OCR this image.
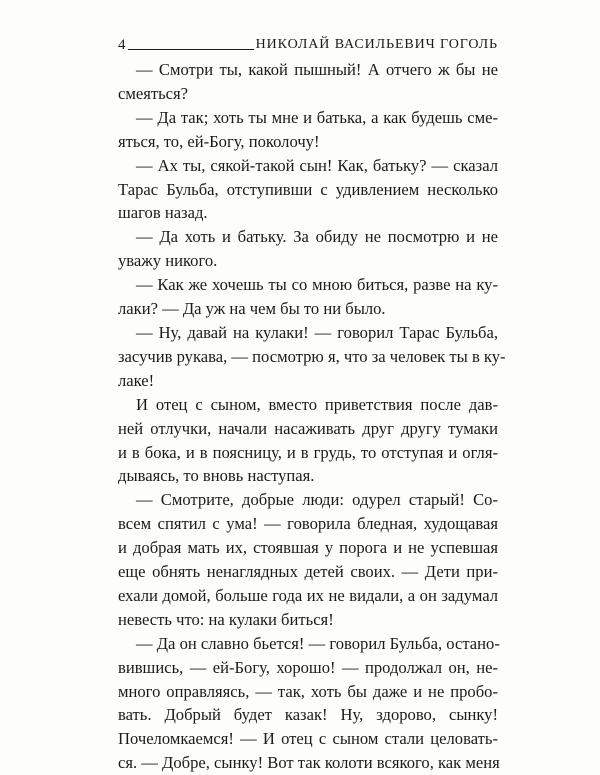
4	НИКОЛАЙ ВАСИЛЬЕВИЧ ГОГОЛЬ
— Смотри ты, какой пышный! А отчего ж бы не
смеяться?
— Да так; хоть ты мне и батька, а как будешь сме-
яться, то, ей-Богу, поколочу!
— Ах ты, сякой-такой сын! Как, батьку? — сказал
Тарас Бульба, отступивши с удивлением несколько
шагов назад.
— Да хоть и батьку. За обиду не посмотрю и не
уважу никого.
— Как же хочешь ты со мною биться, разве на ку-
лаки? — Да уж на чем бы то ни было.
— Ну, давай на кулаки! — говорил Тарас Бульба,
засучив рукава, — посмотрю я, что за человек ты в ку-
лаке!
И отец с сыном, вместо приветствия после дав-
ней отлучки, начали насаживать друг другу тумаки
и в бока, и в поясницу, и в грудь, то отступая и огля-
дываясь, то вновь наступая.
— Смотрите, добрые люди: одурел старый! Со-
всем спятил с ума! — говорила бледная, худощавая
и добрая мать их, стоявшая у порога и не успевшая
еще обнять ненаглядных детей своих. — Дети при-
ехали домой, больше года их не видали, а он задумал
невесть что: на кулаки биться!
— Да он славно бьется! — говорил Бульба, остано-
вившись, — ей-Богу, хорошо! — продолжал он, не-
много оправляясь, — так, хоть бы даже и не пробо-
вать. Добрый будет казак! Ну, здорово, сынку!
Почеломкаемся! — И отец с сыном стали целовать-
ся. — Добре, сынку! Вот так колоти всякого, как меня
